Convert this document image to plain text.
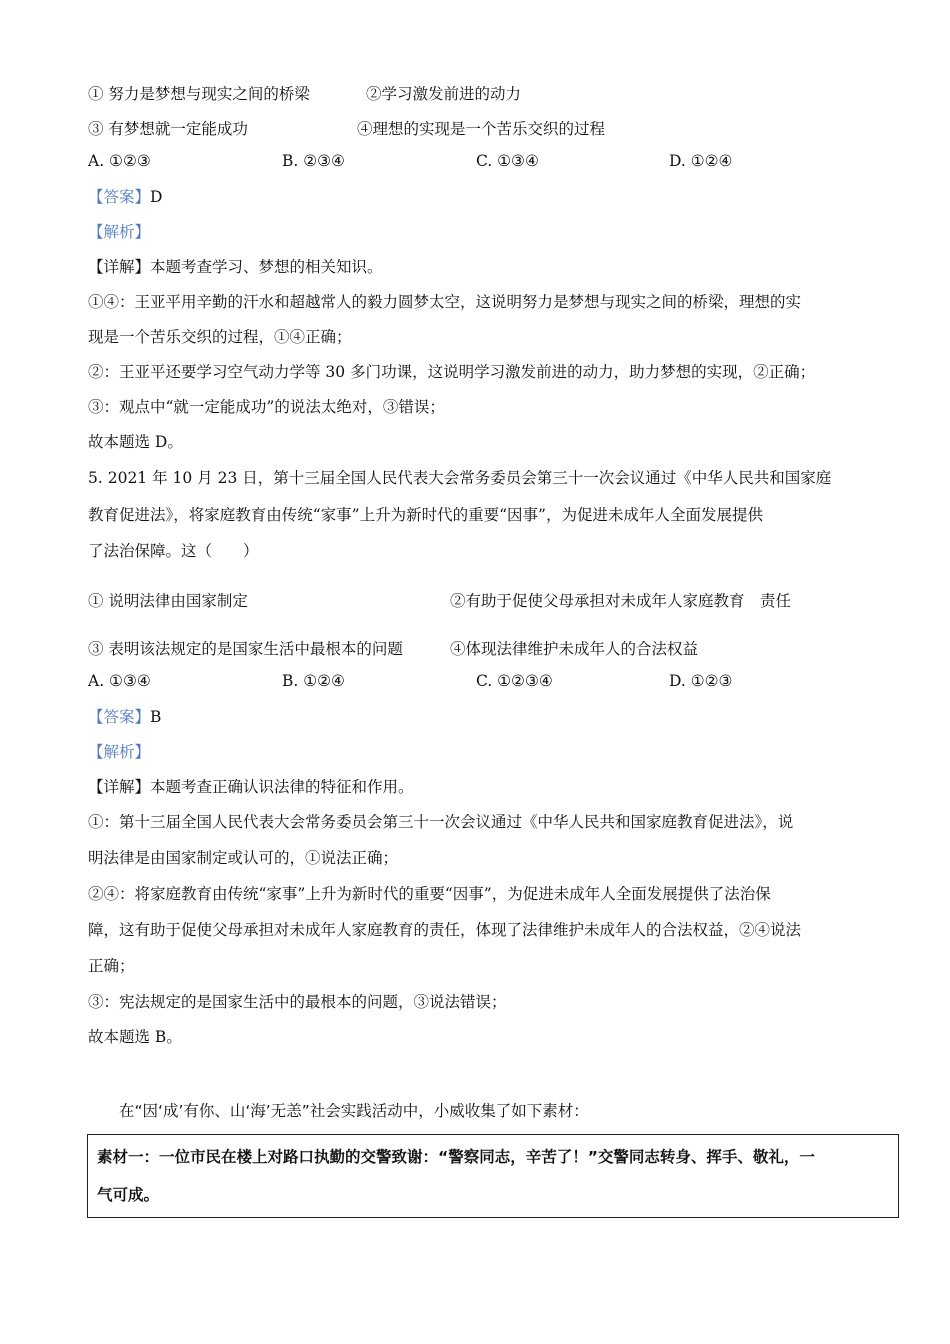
① 努力是梦想与现实之间的桥梁	②学习激发前进的动力
③ 有梦想就一定能成功	④理想的实现是一个苦乐交织的过程
A. ①②③	B. ②③④	C. ①③④	D. ①②④
【答案】D
【解析】
【详解】本题考查学习、梦想的相关知识。
①④：王亚平用辛勤的汗水和超越常人的毅力圆梦太空，这说明努力是梦想与现实之间的桥梁，理想的实
现是一个苦乐交织的过程，①④正确；
②：王亚平还要学习空气动力学等 30 多门功课，这说明学习激发前进的动力，助力梦想的实现，②正确；
③：观点中“就一定能成功”的说法太绝对，③错误；
故本题选 D。
5. 2021 年 10 月 23 日，第十三届全国人民代表大会常务委员会第三十一次会议通过《中华人民共和国家庭
教育促进法》，将家庭教育由传统“家事”上升为新时代的重要“因事”，为促进未成年人全面发展提供
了法治保障。这（　　）
① 说明法律由国家制定	②有助于促使父母承担对未成年人家庭教育　责任
③ 表明该法规定的是国家生活中最根本的问题	④体现法律维护未成年人的合法权益
A. ①③④	B. ①②④	C. ①②③④	D. ①②③
【答案】B
【解析】
【详解】本题考查正确认识法律的特征和作用。
①：第十三届全国人民代表大会常务委员会第三十一次会议通过《中华人民共和国家庭教育促进法》，说
明法律是由国家制定或认可的，①说法正确；
②④：将家庭教育由传统“家事”上升为新时代的重要“因事”，为促进未成年人全面发展提供了法治保
障，这有助于促使父母承担对未成年人家庭教育的责任，体现了法律维护未成年人的合法权益，②④说法
正确；
③：宪法规定的是国家生活中的最根本的问题，③说法错误；
故本题选 B。
在“因‘成’有你、山‘海’无恙”社会实践活动中，小威收集了如下素材：
素材一：一位市民在楼上对路口执勤的交警致谢：“警察同志，辛苦了！”交警同志转身、挥手、敬礼，一
气可成。
